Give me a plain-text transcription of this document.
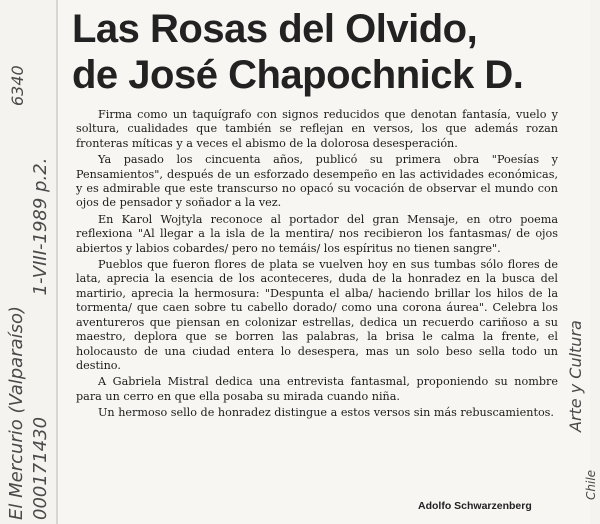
Las Rosas del Olvido,
de José Chapochnick D.

Firma como un taquígrafo con signos reducidos que denotan fantasía, vuelo y soltura, cualidades que también se reflejan en versos, los que además rozan fronteras míticas y a veces el abismo de la dolorosa desesperación.

Ya pasado los cincuenta años, publicó su primera obra "Poesías y Pensamientos", después de un esforzado desempeño en las actividades económicas, y es admirable que este transcurso no opacó su vocación de observar el mundo con ojos de pensador y soñador a la vez.

En Karol Wojtyla reconoce al portador del gran Mensaje, en otro poema reflexiona "Al llegar a la isla de la mentira/ nos recibieron los fantasmas/ de ojos abiertos y labios cobardes/ pero no temáis/ los espíritus no tienen sangre".

Pueblos que fueron flores de plata se vuelven hoy en sus tumbas sólo flores de lata, aprecia la esencia de los aconteceres, duda de la honradez en la busca del martirio, aprecia la hermosura: "Despunta el alba/ haciendo brillar los hilos de la tormenta/ que caen sobre tu cabello dorado/ como una corona áurea". Celebra los aventureros que piensan en colonizar estrellas, dedica un recuerdo cariñoso a su maestro, deplora que se borren las palabras, la brisa le calma la frente, el holocausto de una ciudad entera lo desespera, mas un solo beso sella todo un destino.

A Gabriela Mistral dedica una entrevista fantasmal, proponiendo su nombre para un cerro en que ella posaba su mirada cuando niña.

Un hermoso sello de honradez distingue a estos versos sin más rebuscamientos.

Adolfo Schwarzenberg
El Mercurio (Valparaíso) 000171430  1-VIII-1989 p.2.
6340
Arte y Cultura
Chile
